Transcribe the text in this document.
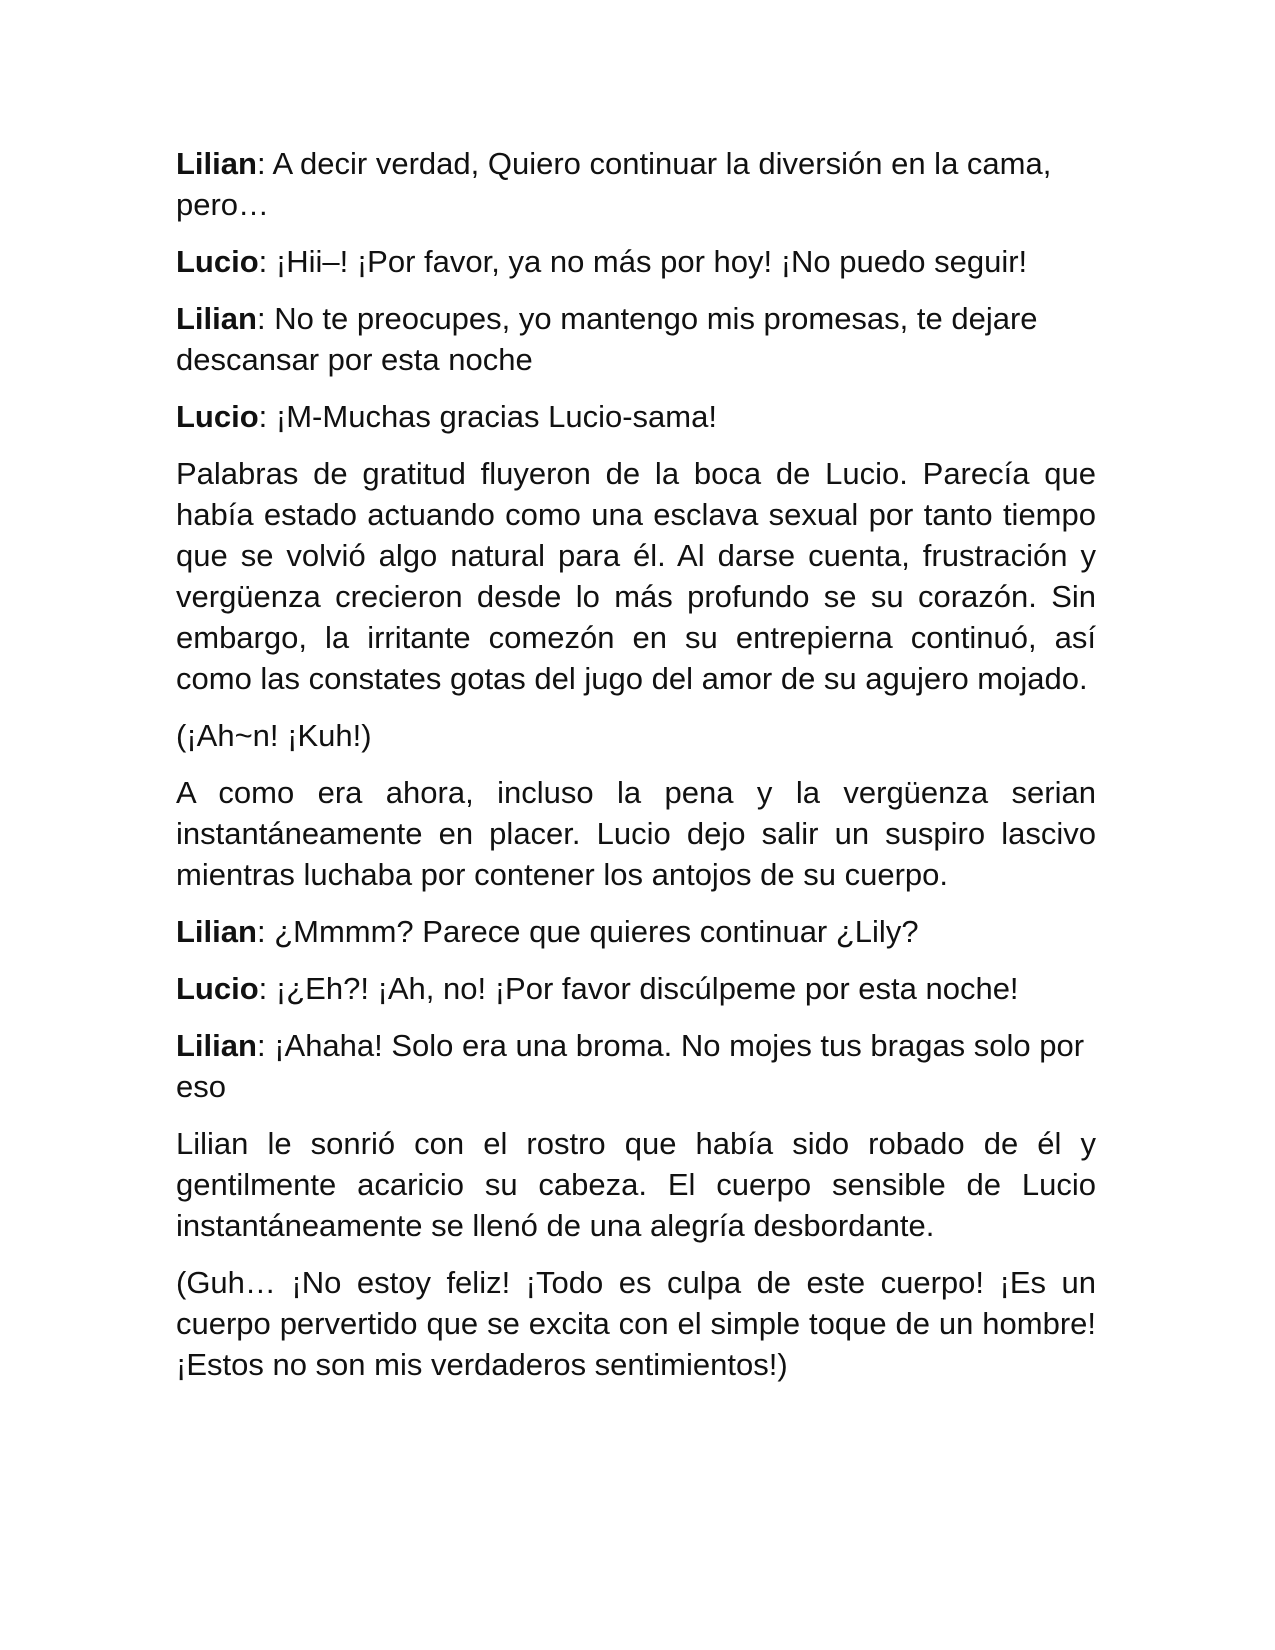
Lilian: A decir verdad, Quiero continuar la diversión en la cama, pero…

Lucio: ¡Hii–! ¡Por favor, ya no más por hoy! ¡No puedo seguir!

Lilian: No te preocupes, yo mantengo mis promesas, te dejare descansar por esta noche

Lucio: ¡M-Muchas gracias Lucio-sama!

Palabras de gratitud fluyeron de la boca de Lucio. Parecía que había estado actuando como una esclava sexual por tanto tiempo que se volvió algo natural para él. Al darse cuenta, frustración y vergüenza crecieron desde lo más profundo se su corazón. Sin embargo, la irritante comezón en su entrepierna continuó, así como las constates gotas del jugo del amor de su agujero mojado.

(¡Ah~n! ¡Kuh!)

A como era ahora, incluso la pena y la vergüenza serian instantáneamente en placer. Lucio dejo salir un suspiro lascivo mientras luchaba por contener los antojos de su cuerpo.

Lilian: ¿Mmmm? Parece que quieres continuar ¿Lily?

Lucio: ¡¿Eh?! ¡Ah, no! ¡Por favor discúlpeme por esta noche!

Lilian: ¡Ahaha! Solo era una broma. No mojes tus bragas solo por eso

Lilian le sonrió con el rostro que había sido robado de él y gentilmente acaricio su cabeza. El cuerpo sensible de Lucio instantáneamente se llenó de una alegría desbordante.

(Guh… ¡No estoy feliz! ¡Todo es culpa de este cuerpo! ¡Es un cuerpo pervertido que se excita con el simple toque de un hombre! ¡Estos no son mis verdaderos sentimientos!)
